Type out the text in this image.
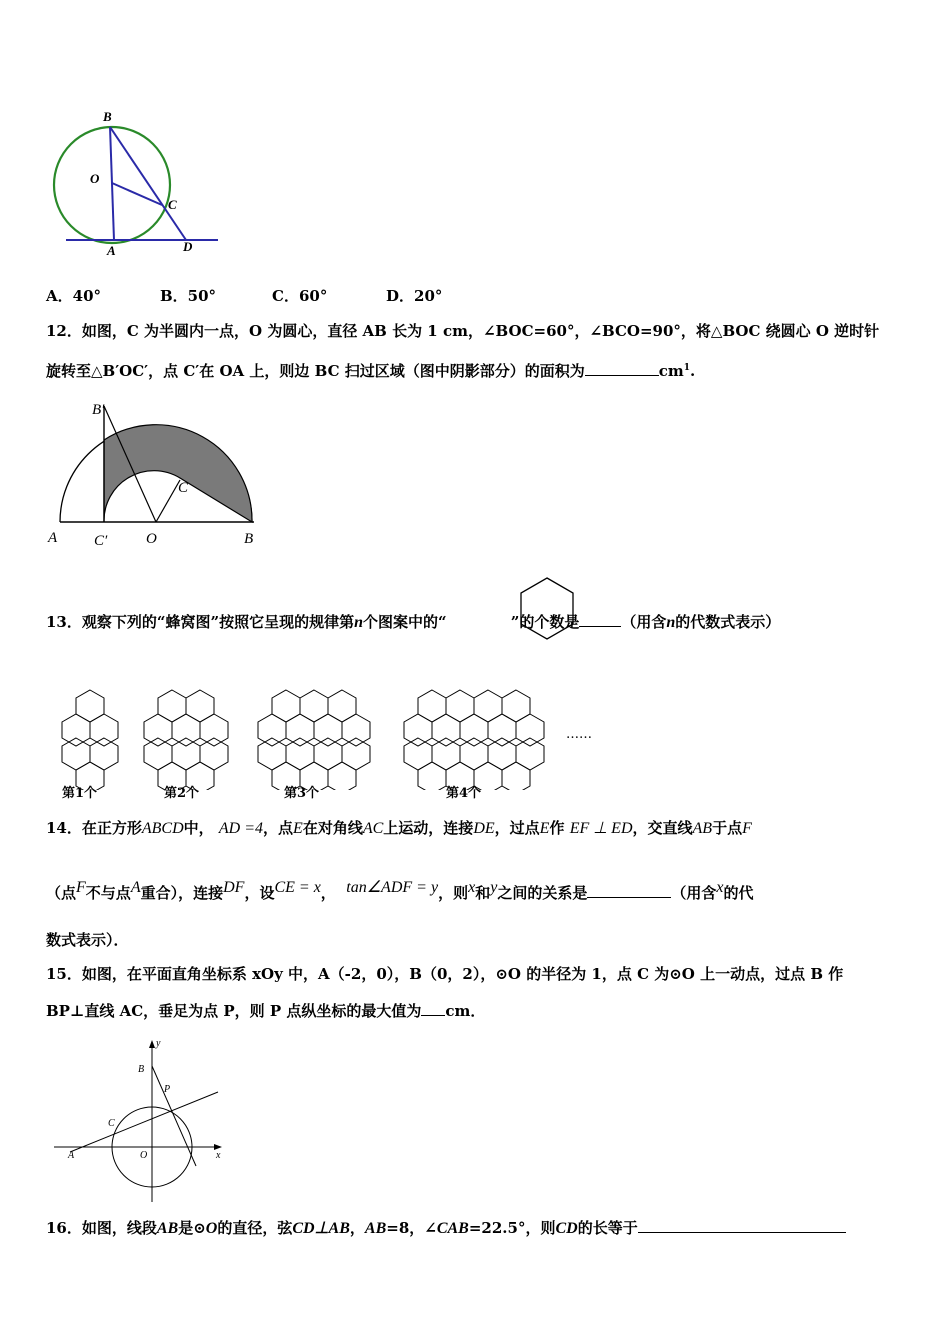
B
O
C
A	D
A．40°	B．50°	C．60°	D．20°
12．如图，C 为半圆内一点，O 为圆心，直径 AB 长为 1 cm，∠BOC=60°，∠BCO=90°，将△BOC 绕圆心 O 逆时针
旋转至△B′OC′，点 C′在 OA 上，则边 BC 扫过区域（图中阴影部分）的面积为	$cm^1$.
B′
C
A C′	O	B
13．观察下列的“蜂窝图”按照它呈现的规律第n个图案中的“	”的个数是	（用含n的代数式表示）
……
第1个	第2个	第3个	第4个
14．在正方形ABCD中， AD =4，点E在对角线AC上运动，连接DE，过点E作 EF ⊥ ED，交直线AB于点F
（点$^F$不与点$^A$重合），连接$^{DF}$，设$^{CE = x}$， $^{tan\angle ADF = y}$，则$^x$和$^y$之间的关系是	（用含$^x$的代
数式表示）．
15．如图，在平面直角坐标系 xOy 中，A（-2，0），B（0，2），⊙O 的半径为 1，点 C 为⊙O 上一动点，过点 B 作
BP⊥直线 AC，垂足为点 P，则 P 点纵坐标的最大值为 cm．
y
x
B
P
C
A	O
16．如图，线段AB是⊙O的直径，弦CD⊥AB，AB=8，∠CAB=22.5°，则CD的长等于
